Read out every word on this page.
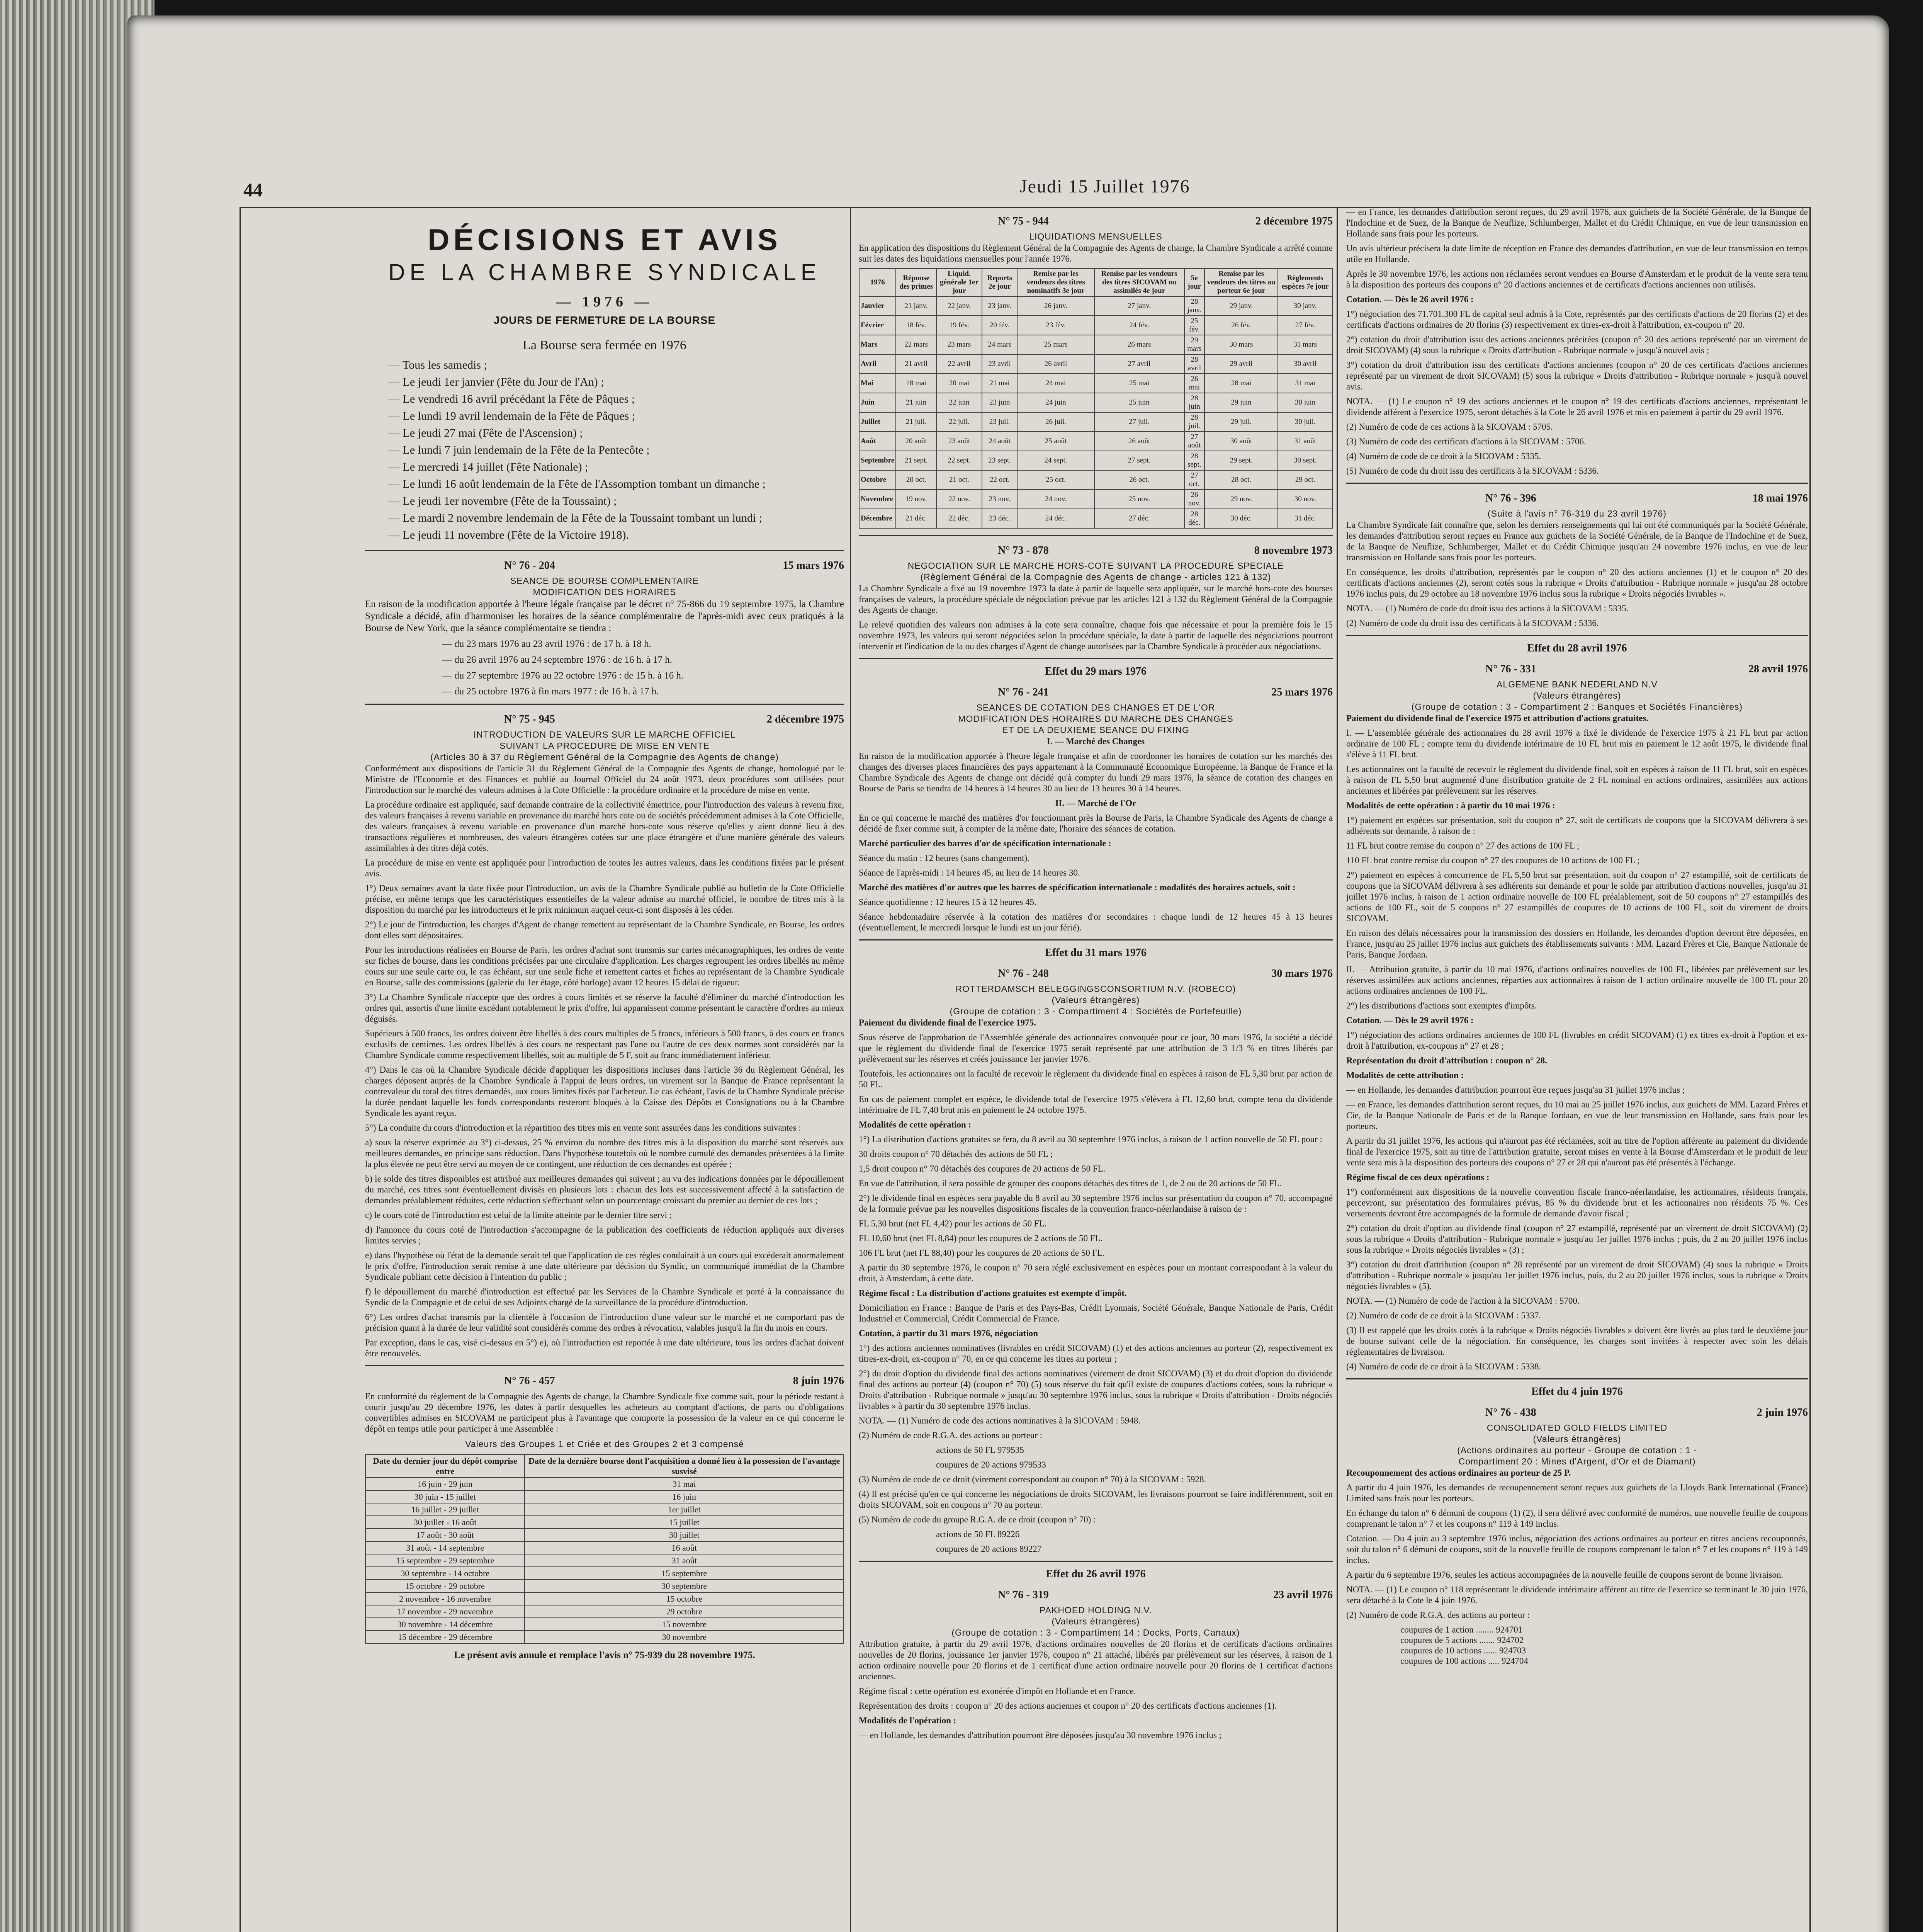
44	Jeudi 15 Juillet 1976
DÉCISIONS ET AVIS
DE LA CHAMBRE SYNDICALE
— 1976 —
JOURS DE FERMETURE DE LA BOURSE
La Bourse sera fermée en 1976
— Tous les samedis ;
— Le jeudi 1er janvier (Fête du Jour de l'An) ;
— Le vendredi 16 avril précédant la Fête de Pâques ;
— Le lundi 19 avril lendemain de la Fête de Pâques ;
— Le jeudi 27 mai (Fête de l'Ascension) ;
— Le lundi 7 juin lendemain de la Fête de la Pentecôte ;
— Le mercredi 14 juillet (Fête Nationale) ;
— Le lundi 16 août lendemain de la Fête de l'Assomption tombant un dimanche ;
— Le jeudi 1er novembre (Fête de la Toussaint) ;
— Le mardi 2 novembre lendemain de la Fête de la Toussaint tombant un lundi ;
— Le jeudi 11 novembre (Fête de la Victoire 1918).
N° 76 - 204	15 mars 1976
SEANCE DE BOURSE COMPLEMENTAIRE
MODIFICATION DES HORAIRES

En raison de la modification apportée à l'heure légale française par le décret n° 75-866 du 19 septembre 1975, la Chambre Syndicale a décidé, afin d'harmoniser les horaires de la séance complémentaire de l'après-midi avec ceux pratiqués à la Bourse de New York, que la séance complémentaire se tiendra :

— du 23 mars 1976 au 23 avril 1976 : de 17 h. à 18 h.

— du 26 avril 1976 au 24 septembre 1976 : de 16 h. à 17 h.

— du 27 septembre 1976 au 22 octobre 1976 : de 15 h. à 16 h.

— du 25 octobre 1976 à fin mars 1977 : de 16 h. à 17 h.

N° 75 - 945	2 décembre 1975
INTRODUCTION DE VALEURS SUR LE MARCHE OFFICIEL
SUIVANT LA PROCEDURE DE MISE EN VENTE
(Articles 30 à 37 du Règlement Général de la Compagnie des Agents de change)

Conformément aux dispositions de l'article 31 du Règlement Général de la Compagnie des Agents de change, homologué par le Ministre de l'Economie et des Finances et publié au Journal Officiel du 24 août 1973, deux procédures sont utilisées pour l'introduction sur le marché des valeurs admises à la Cote Officielle : la procédure ordinaire et la procédure de mise en vente.

La procédure ordinaire est appliquée, sauf demande contraire de la collectivité émettrice, pour l'introduction des valeurs à revenu fixe, des valeurs françaises à revenu variable en provenance du marché hors cote ou de sociétés précédemment admises à la Cote Officielle, des valeurs françaises à revenu variable en provenance d'un marché hors-cote sous réserve qu'elles y aient donné lieu à des transactions régulières et nombreuses, des valeurs étrangères cotées sur une place étrangère et d'une manière générale des valeurs assimilables à des titres déjà cotés.

La procédure de mise en vente est appliquée pour l'introduction de toutes les autres valeurs, dans les conditions fixées par le présent avis.

1°) Deux semaines avant la date fixée pour l'introduction, un avis de la Chambre Syndicale publié au bulletin de la Cote Officielle précise, en même temps que les caractéristiques essentielles de la valeur admise au marché officiel, le nombre de titres mis à la disposition du marché par les introducteurs et le prix minimum auquel ceux-ci sont disposés à les céder.

2°) Le jour de l'introduction, les charges d'Agent de change remettent au représentant de la Chambre Syndicale, en Bourse, les ordres dont elles sont dépositaires.

Pour les introductions réalisées en Bourse de Paris, les ordres d'achat sont transmis sur cartes mécanographiques, les ordres de vente sur fiches de bourse, dans les conditions précisées par une circulaire d'application. Les charges regroupent les ordres libellés au même cours sur une seule carte ou, le cas échéant, sur une seule fiche et remettent cartes et fiches au représentant de la Chambre Syndicale en Bourse, salle des commissions (galerie du 1er étage, côté horloge) avant 12 heures 15 délai de rigueur.

3°) La Chambre Syndicale n'accepte que des ordres à cours limités et se réserve la faculté d'éliminer du marché d'introduction les ordres qui, assortis d'une limite excédant notablement le prix d'offre, lui apparaissent comme présentant le caractère d'ordres au mieux déguisés.

Supérieurs à 500 francs, les ordres doivent être libellés à des cours multiples de 5 francs, inférieurs à 500 francs, à des cours en francs exclusifs de centimes. Les ordres libellés à des cours ne respectant pas l'une ou l'autre de ces deux normes sont considérés par la Chambre Syndicale comme respectivement libellés, soit au multiple de 5 F, soit au franc immédiatement inférieur.

4°) Dans le cas où la Chambre Syndicale décide d'appliquer les dispositions incluses dans l'article 36 du Règlement Général, les charges déposent auprès de la Chambre Syndicale à l'appui de leurs ordres, un virement sur la Banque de France représentant la contrevaleur du total des titres demandés, aux cours limites fixés par l'acheteur. Le cas échéant, l'avis de la Chambre Syndicale précise la durée pendant laquelle les fonds correspondants resteront bloqués à la Caisse des Dépôts et Consignations ou à la Chambre Syndicale les ayant reçus.

5°) La conduite du cours d'introduction et la répartition des titres mis en vente sont assurées dans les conditions suivantes :

a) sous la réserve exprimée au 3°) ci-dessus, 25 % environ du nombre des titres mis à la disposition du marché sont réservés aux meilleures demandes, en principe sans réduction. Dans l'hypothèse toutefois où le nombre cumulé des demandes présentées à la limite la plus élevée ne peut être servi au moyen de ce contingent, une réduction de ces demandes est opérée ;

b) le solde des titres disponibles est attribué aux meilleures demandes qui suivent ; au vu des indications données par le dépouillement du marché, ces titres sont éventuellement divisés en plusieurs lots : chacun des lots est successivement affecté à la satisfaction de demandes préalablement réduites, cette réduction s'effectuant selon un pourcentage croissant du premier au dernier de ces lots ;

c) le cours coté de l'introduction est celui de la limite atteinte par le dernier titre servi ;

d) l'annonce du cours coté de l'introduction s'accompagne de la publication des coefficients de réduction appliqués aux diverses limites servies ;

e) dans l'hypothèse où l'état de la demande serait tel que l'application de ces règles conduirait à un cours qui excéderait anormalement le prix d'offre, l'introduction serait remise à une date ultérieure par décision du Syndic, un communiqué immédiat de la Chambre Syndicale publiant cette décision à l'intention du public ;

f) le dépouillement du marché d'introduction est effectué par les Services de la Chambre Syndicale et porté à la connaissance du Syndic de la Compagnie et de celui de ses Adjoints chargé de la surveillance de la procédure d'introduction.

6°) Les ordres d'achat transmis par la clientèle à l'occasion de l'introduction d'une valeur sur le marché et ne comportant pas de précision quant à la durée de leur validité sont considérés comme des ordres à révocation, valables jusqu'à la fin du mois en cours.

Par exception, dans le cas, visé ci-dessus en 5°) e), où l'introduction est reportée à une date ultérieure, tous les ordres d'achat doivent être renouvelés.

N° 76 - 457	8 juin 1976

En conformité du règlement de la Compagnie des Agents de change, la Chambre Syndicale fixe comme suit, pour la période restant à courir jusqu'au 29 décembre 1976, les dates à partir desquelles les acheteurs au comptant d'actions, de parts ou d'obligations convertibles admises en SICOVAM ne participent plus à l'avantage que comporte la possession de la valeur en ce qui concerne le dépôt en temps utile pour participer à une Assemblée :

Valeurs des Groupes 1 et Criée et des Groupes 2 et 3 compensé
Date du dernier jour du dépôt comprise entre	Date de la dernière bourse dont l'acquisition a donné lieu à la possession de l'avantage susvisé
16 juin - 29 juin	31 mai
30 juin - 15 juillet	16 juin
16 juillet - 29 juillet	1er juillet
30 juillet - 16 août	15 juillet
17 août - 30 août	30 juillet
31 août - 14 septembre	16 août
15 septembre - 29 septembre	31 août
30 septembre - 14 octobre	15 septembre
15 octobre - 29 octobre	30 septembre
2 novembre - 16 novembre	15 octobre
17 novembre - 29 novembre	29 octobre
30 novembre - 14 décembre	15 novembre
15 décembre - 29 décembre	30 novembre

Le présent avis annule et remplace l'avis n° 75-939 du 28 novembre 1975.

N° 75 - 944	2 décembre 1975
LIQUIDATIONS MENSUELLES

En application des dispositions du Règlement Général de la Compagnie des Agents de change, la Chambre Syndicale a arrêté comme suit les dates des liquidations mensuelles pour l'année 1976.

1976	Réponse des primes	Liquid. générale 1er jour	Reports 2e jour	Remise par les vendeurs des titres nominatifs 3e jour	Remise par les vendeurs des titres SICOVAM ou assimilés 4e jour	5e jour	Remise par les vendeurs des titres au porteur 6e jour	Règlements espèces 7e jour
Janvier	21 janv.	22 janv.	23 janv.	26 janv.	27 janv.	28 janv.	29 janv.	30 janv.
Février	18 fév.	19 fév.	20 fév.	23 fév.	24 fév.	25 fév.	26 fév.	27 fév.
Mars	22 mars	23 mars	24 mars	25 mars	26 mars	29 mars	30 mars	31 mars
Avril	21 avril	22 avril	23 avril	26 avril	27 avril	28 avril	29 avril	30 avril
Mai	18 mai	20 mai	21 mai	24 mai	25 mai	26 mai	28 mai	31 mai
Juin	21 juin	22 juin	23 juin	24 juin	25 juin	28 juin	29 juin	30 juin
Juillet	21 juil.	22 juil.	23 juil.	26 juil.	27 juil.	28 juil.	29 juil.	30 juil.
Août	20 août	23 août	24 août	25 août	26 août	27 août	30 août	31 août
Septembre	21 sept.	22 sept.	23 sept.	24 sept.	27 sept.	28 sept.	29 sept.	30 sept.
Octobre	20 oct.	21 oct.	22 oct.	25 oct.	26 oct.	27 oct.	28 oct.	29 oct.
Novembre	19 nov.	22 nov.	23 nov.	24 nov.	25 nov.	26 nov.	29 nov.	30 nov.
Décembre	21 déc.	22 déc.	23 déc.	24 déc.	27 déc.	28 déc.	30 déc.	31 déc.
N° 73 - 878	8 novembre 1973
NEGOCIATION SUR LE MARCHE HORS-COTE SUIVANT LA PROCEDURE SPECIALE
(Règlement Général de la Compagnie des Agents de change - articles 121 à 132)

La Chambre Syndicale a fixé au 19 novembre 1973 la date à partir de laquelle sera appliquée, sur le marché hors-cote des bourses françaises de valeurs, la procédure spéciale de négociation prévue par les articles 121 à 132 du Règlement Général de la Compagnie des Agents de change.

Le relevé quotidien des valeurs non admises à la cote sera connaître, chaque fois que nécessaire et pour la première fois le 15 novembre 1973, les valeurs qui seront négociées selon la procédure spéciale, la date à partir de laquelle des négociations pourront intervenir et l'indication de la ou des charges d'Agent de change autorisées par la Chambre Syndicale à procéder aux négociations.

Effet du 29 mars 1976
N° 76 - 241	25 mars 1976
SEANCES DE COTATION DES CHANGES ET DE L'OR
MODIFICATION DES HORAIRES DU MARCHE DES CHANGES
ET DE LA DEUXIEME SEANCE DU FIXING

I. — Marché des Changes

En raison de la modification apportée à l'heure légale française et afin de coordonner les horaires de cotation sur les marchés des changes des diverses places financières des pays appartenant à la Communauté Economique Européenne, la Banque de France et la Chambre Syndicale des Agents de change ont décidé qu'à compter du lundi 29 mars 1976, la séance de cotation des changes en Bourse de Paris se tiendra de 14 heures à 14 heures 30 au lieu de 13 heures 30 à 14 heures.

II. — Marché de l'Or

En ce qui concerne le marché des matières d'or fonctionnant près la Bourse de Paris, la Chambre Syndicale des Agents de change a décidé de fixer comme suit, à compter de la même date, l'horaire des séances de cotation.

Marché particulier des barres d'or de spécification internationale :

Séance du matin : 12 heures (sans changement).

Séance de l'après-midi : 14 heures 45, au lieu de 14 heures 30.

Marché des matières d'or autres que les barres de spécification internationale : modalités des horaires actuels, soit :

Séance quotidienne : 12 heures 15 à 12 heures 45.

Séance hebdomadaire réservée à la cotation des matières d'or secondaires : chaque lundi de 12 heures 45 à 13 heures (éventuellement, le mercredi lorsque le lundi est un jour férié).

Effet du 31 mars 1976
N° 76 - 248	30 mars 1976
ROTTERDAMSCH BELEGGINGSCONSORTIUM N.V. (ROBECO)
(Valeurs étrangères)
(Groupe de cotation : 3 - Compartiment 4 : Sociétés de Portefeuille)

Paiement du dividende final de l'exercice 1975.

Sous réserve de l'approbation de l'Assemblée générale des actionnaires convoquée pour ce jour, 30 mars 1976, la société a décidé que le règlement du dividende final de l'exercice 1975 serait représenté par une attribution de 3 1/3 % en titres libérés par prélèvement sur les réserves et créés jouissance 1er janvier 1976.

Toutefois, les actionnaires ont la faculté de recevoir le règlement du dividende final en espèces à raison de FL 5,30 brut par action de 50 FL.

En cas de paiement complet en espèce, le dividende total de l'exercice 1975 s'élèvera à FL 12,60 brut, compte tenu du dividende intérimaire de FL 7,40 brut mis en paiement le 24 octobre 1975.

Modalités de cette opération :

1°) La distribution d'actions gratuites se fera, du 8 avril au 30 septembre 1976 inclus, à raison de 1 action nouvelle de 50 FL pour :

30 droits coupon n° 70 détachés des actions de 50 FL ;

1,5 droit coupon n° 70 détachés des coupures de 20 actions de 50 FL.

En vue de l'attribution, il sera possible de grouper des coupons détachés des titres de 1, de 2 ou de 20 actions de 50 FL.

2°) le dividende final en espèces sera payable du 8 avril au 30 septembre 1976 inclus sur présentation du coupon n° 70, accompagné de la formule prévue par les nouvelles dispositions fiscales de la convention franco-néerlandaise à raison de :

FL 5,30 brut (net FL 4,42) pour les actions de 50 FL.

FL 10,60 brut (net FL 8,84) pour les coupures de 2 actions de 50 FL.

106 FL brut (net FL 88,40) pour les coupures de 20 actions de 50 FL.

A partir du 30 septembre 1976, le coupon n° 70 sera réglé exclusivement en espèces pour un montant correspondant à la valeur du droit, à Amsterdam, à cette date.

Régime fiscal : La distribution d'actions gratuites est exempte d'impôt.

Domiciliation en France : Banque de Paris et des Pays-Bas, Crédit Lyonnais, Société Générale, Banque Nationale de Paris, Crédit Industriel et Commercial, Crédit Commercial de France.

Cotation, à partir du 31 mars 1976, négociation

1°) des actions anciennes nominatives (livrables en crédit SICOVAM) (1) et des actions anciennes au porteur (2), respectivement ex titres-ex-droit, ex-coupon n° 70, en ce qui concerne les titres au porteur ;

2°) du droit d'option du dividende final des actions nominatives (virement de droit SICOVAM) (3) et du droit d'option du dividende final des actions au porteur (4) (coupon n° 70) (5) sous réserve du fait qu'il existe de coupures d'actions cotées, sous la rubrique « Droits d'attribution - Rubrique normale » jusqu'au 30 septembre 1976 inclus, sous la rubrique « Droits d'attribution - Droits négociés livrables » à partir du 30 septembre 1976 inclus.

NOTA. — (1) Numéro de code des actions nominatives à la SICOVAM : 5948.

(2) Numéro de code R.G.A. des actions au porteur :

actions de 50 FL 979535

coupures de 20 actions 979533

(3) Numéro de code de ce droit (virement correspondant au coupon n° 70) à la SICOVAM : 5928.

(4) Il est précisé qu'en ce qui concerne les négociations de droits SICOVAM, les livraisons pourront se faire indifféremment, soit en droits SICOVAM, soit en coupons n° 70 au porteur.

(5) Numéro de code du groupe R.G.A. de ce droit (coupon n° 70) :

actions de 50 FL 89226

coupures de 20 actions 89227

Effet du 26 avril 1976
N° 76 - 319	23 avril 1976
PAKHOED HOLDING N.V.
(Valeurs étrangères)
(Groupe de cotation : 3 - Compartiment 14 : Docks, Ports, Canaux)

Attribution gratuite, à partir du 29 avril 1976, d'actions ordinaires nouvelles de 20 florins et de certificats d'actions ordinaires nouvelles de 20 florins, jouissance 1er janvier 1976, coupon n° 21 attaché, libérés par prélèvement sur les réserves, à raison de 1 action ordinaire nouvelle pour 20 florins et de 1 certificat d'une action ordinaire nouvelle pour 20 florins de 1 certificat d'actions anciennes.

Régime fiscal : cette opération est exonérée d'impôt en Hollande et en France.

Représentation des droits : coupon n° 20 des actions anciennes et coupon n° 20 des certificats d'actions anciennes (1).

Modalités de l'opération :

— en Hollande, les demandes d'attribution pourront être déposées jusqu'au 30 novembre 1976 inclus ;

— en France, les demandes d'attribution seront reçues, du 29 avril 1976, aux guichets de la Société Générale, de la Banque de l'Indochine et de Suez, de la Banque de Neuflize, Schlumberger, Mallet et du Crédit Chimique, en vue de leur transmission en Hollande sans frais pour les porteurs.

Un avis ultérieur précisera la date limite de réception en France des demandes d'attribution, en vue de leur transmission en temps utile en Hollande.

Après le 30 novembre 1976, les actions non réclamées seront vendues en Bourse d'Amsterdam et le produit de la vente sera tenu à la disposition des porteurs des coupons n° 20 d'actions anciennes et de certificats d'actions anciennes non utilisés.

Cotation. — Dès le 26 avril 1976 :

1°) négociation des 71.701.300 FL de capital seul admis à la Cote, représentés par des certificats d'actions de 20 florins (2) et des certificats d'actions ordinaires de 20 florins (3) respectivement ex titres-ex-droit à l'attribution, ex-coupon n° 20.

2°) cotation du droit d'attribution issu des actions anciennes précitées (coupon n° 20 des actions représenté par un virement de droit SICOVAM) (4) sous la rubrique « Droits d'attribution - Rubrique normale » jusqu'à nouvel avis ;

3°) cotation du droit d'attribution issu des certificats d'actions anciennes (coupon n° 20 de ces certificats d'actions anciennes représenté par un virement de droit SICOVAM) (5) sous la rubrique « Droits d'attribution - Rubrique normale » jusqu'à nouvel avis.

NOTA. — (1) Le coupon n° 19 des actions anciennes et le coupon n° 19 des certificats d'actions anciennes, représentant le dividende afférent à l'exercice 1975, seront détachés à la Cote le 26 avril 1976 et mis en paiement à partir du 29 avril 1976.

(2) Numéro de code de ces actions à la SICOVAM : 5705.

(3) Numéro de code des certificats d'actions à la SICOVAM : 5706.

(4) Numéro de code de ce droit à la SICOVAM : 5335.

(5) Numéro de code du droit issu des certificats à la SICOVAM : 5336.

N° 76 - 396	18 mai 1976
(Suite à l'avis n° 76-319 du 23 avril 1976)

La Chambre Syndicale fait connaître que, selon les derniers renseignements qui lui ont été communiqués par la Société Générale, les demandes d'attribution seront reçues en France aux guichets de la Société Générale, de la Banque de l'Indochine et de Suez, de la Banque de Neuflize, Schlumberger, Mallet et du Crédit Chimique jusqu'au 24 novembre 1976 inclus, en vue de leur transmission en Hollande sans frais pour les porteurs.

En conséquence, les droits d'attribution, représentés par le coupon n° 20 des actions anciennes (1) et le coupon n° 20 des certificats d'actions anciennes (2), seront cotés sous la rubrique « Droits d'attribution - Rubrique normale » jusqu'au 28 octobre 1976 inclus puis, du 29 octobre au 18 novembre 1976 inclus sous la rubrique « Droits négociés livrables ».

NOTA. — (1) Numéro de code du droit issu des actions à la SICOVAM : 5335.

(2) Numéro de code du droit issu des certificats à la SICOVAM : 5336.

Effet du 28 avril 1976
N° 76 - 331	28 avril 1976
ALGEMENE BANK NEDERLAND N.V
(Valeurs étrangères)
(Groupe de cotation : 3 - Compartiment 2 : Banques et Sociétés Financières)

Paiement du dividende final de l'exercice 1975 et attribution d'actions gratuites.

I. — L'assemblée générale des actionnaires du 28 avril 1976 a fixé le dividende de l'exercice 1975 à 21 FL brut par action ordinaire de 100 FL ; compte tenu du dividende intérimaire de 10 FL brut mis en paiement le 12 août 1975, le dividende final s'élève à 11 FL brut.

Les actionnaires ont la faculté de recevoir le règlement du dividende final, soit en espèces à raison de 11 FL brut, soit en espèces à raison de FL 5,50 brut augmenté d'une distribution gratuite de 2 FL nominal en actions ordinaires, assimilées aux actions anciennes et libérées par prélèvement sur les réserves.

Modalités de cette opération : à partir du 10 mai 1976 :

1°) paiement en espèces sur présentation, soit du coupon n° 27, soit de certificats de coupons que la SICOVAM délivrera à ses adhérents sur demande, à raison de :

11 FL brut contre remise du coupon n° 27 des actions de 100 FL ;

110 FL brut contre remise du coupon n° 27 des coupures de 10 actions de 100 FL ;

2°) paiement en espèces à concurrence de FL 5,50 brut sur présentation, soit du coupon n° 27 estampillé, soit de certificats de coupons que la SICOVAM délivrera à ses adhérents sur demande et pour le solde par attribution d'actions nouvelles, jusqu'au 31 juillet 1976 inclus, à raison de 1 action ordinaire nouvelle de 100 FL préalablement, soit de 50 coupons n° 27 estampillés des actions de 100 FL, soit de 5 coupons n° 27 estampillés de coupures de 10 actions de 100 FL, soit du virement de droits SICOVAM.

En raison des délais nécessaires pour la transmission des dossiers en Hollande, les demandes d'option devront être déposées, en France, jusqu'au 25 juillet 1976 inclus aux guichets des établissements suivants : MM. Lazard Frères et Cie, Banque Nationale de Paris, Banque Jordaan.

II. — Attribution gratuite, à partir du 10 mai 1976, d'actions ordinaires nouvelles de 100 FL, libérées par prélèvement sur les réserves assimilées aux actions anciennes, réparties aux actionnaires à raison de 1 action ordinaire nouvelle de 100 FL pour 20 actions ordinaires anciennes de 100 FL.

2°) les distributions d'actions sont exemptes d'impôts.

Cotation. — Dès le 29 avril 1976 :

1°) négociation des actions ordinaires anciennes de 100 FL (livrables en crédit SICOVAM) (1) ex titres ex-droit à l'option et ex-droit à l'attribution, ex-coupons n° 27 et 28 ;

Représentation du droit d'attribution : coupon n° 28.

Modalités de cette attribution :

— en Hollande, les demandes d'attribution pourront être reçues jusqu'au 31 juillet 1976 inclus ;

— en France, les demandes d'attribution seront reçues, du 10 mai au 25 juillet 1976 inclus, aux guichets de MM. Lazard Frères et Cie, de la Banque Nationale de Paris et de la Banque Jordaan, en vue de leur transmission en Hollande, sans frais pour les porteurs.

A partir du 31 juillet 1976, les actions qui n'auront pas été réclamées, soit au titre de l'option afférente au paiement du dividende final de l'exercice 1975, soit au titre de l'attribution gratuite, seront mises en vente à la Bourse d'Amsterdam et le produit de leur vente sera mis à la disposition des porteurs des coupons n° 27 et 28 qui n'auront pas été présentés à l'échange.

Régime fiscal de ces deux opérations :

1°) conformément aux dispositions de la nouvelle convention fiscale franco-néerlandaise, les actionnaires, résidents français, percevront, sur présentation des formulaires prévus, 85 % du dividende brut et les actionnaires non résidents 75 %. Ces versements devront être accompagnés de la formule de demande d'avoir fiscal ;

2°) cotation du droit d'option au dividende final (coupon n° 27 estampillé, représenté par un virement de droit SICOVAM) (2) sous la rubrique « Droits d'attribution - Rubrique normale » jusqu'au 1er juillet 1976 inclus ; puis, du 2 au 20 juillet 1976 inclus sous la rubrique « Droits négociés livrables » (3) ;

3°) cotation du droit d'attribution (coupon n° 28 représenté par un virement de droit SICOVAM) (4) sous la rubrique « Droits d'attribution - Rubrique normale » jusqu'au 1er juillet 1976 inclus, puis, du 2 au 20 juillet 1976 inclus, sous la rubrique « Droits négociés livrables » (5).

NOTA. — (1) Numéro de code de l'action à la SICOVAM : 5700.

(2) Numéro de code de ce droit à la SICOVAM : 5337.

(3) Il est rappelé que les droits cotés à la rubrique « Droits négociés livrables » doivent être livrés au plus tard le deuxième jour de bourse suivant celle de la négociation. En conséquence, les charges sont invitées à respecter avec soin les délais réglementaires de livraison.

(4) Numéro de code de ce droit à la SICOVAM : 5338.

Effet du 4 juin 1976
N° 76 - 438	2 juin 1976
CONSOLIDATED GOLD FIELDS LIMITED
(Valeurs étrangères)
(Actions ordinaires au porteur - Groupe de cotation : 1 -
Compartiment 20 : Mines d'Argent, d'Or et de Diamant)

Recouponnement des actions ordinaires au porteur de 25 P.

A partir du 4 juin 1976, les demandes de recoupennement seront reçues aux guichets de la Lloyds Bank International (France) Limited sans frais pour les porteurs.

En échange du talon n° 6 démuni de coupons (1) (2), il sera délivré avec conformité de numéros, une nouvelle feuille de coupons comprenant le talon n° 7 et les coupons n° 119 à 149 inclus.

Cotation. — Du 4 juin au 3 septembre 1976 inclus, négociation des actions ordinaires au porteur en titres anciens recouponnés, soit du talon n° 6 démuni de coupons, soit de la nouvelle feuille de coupons comprenant le talon n° 7 et les coupons n° 119 à 149 inclus.

A partir du 6 septembre 1976, seules les actions accompagnées de la nouvelle feuille de coupons seront de bonne livraison.

NOTA. — (1) Le coupon n° 118 représentant le dividende intérimaire afférent au titre de l'exercice se terminant le 30 juin 1976, sera détaché à la Cote le 4 juin 1976.

(2) Numéro de code R.G.A. des actions au porteur :

coupures de 1 action ........ 924701
coupures de 5 actions ....... 924702
coupures de 10 actions ...... 924703
coupures de 100 actions ..... 924704
